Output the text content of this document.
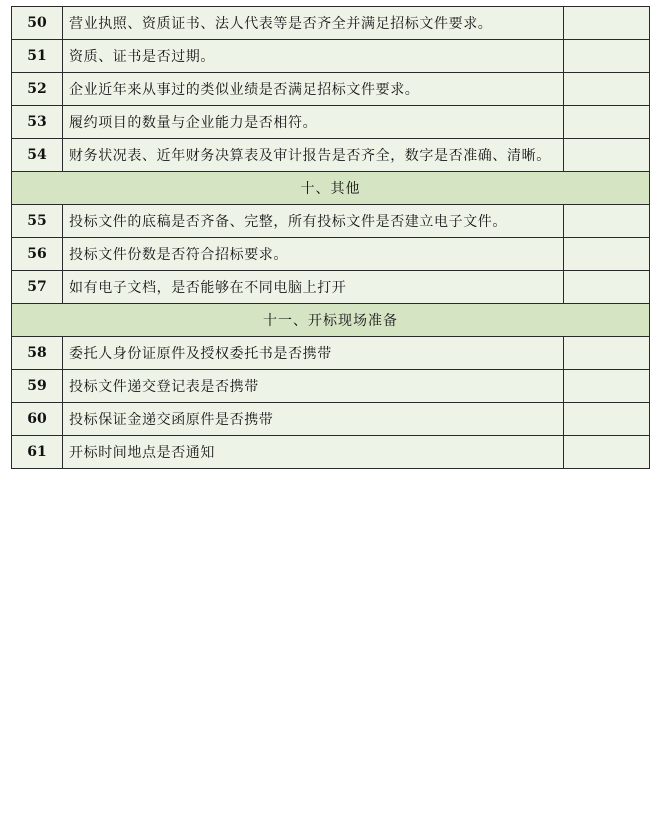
50	营业执照、资质证书、法人代表等是否齐全并满足招标文件要求。	
51	资质、证书是否过期。	
52	企业近年来从事过的类似业绩是否满足招标文件要求。	
53	履约项目的数量与企业能力是否相符。	
54	财务状况表、近年财务决算表及审计报告是否齐全，数字是否准确、清晰。	
十、其他		
55	投标文件的底稿是否齐备、完整，所有投标文件是否建立电子文件。	
56	投标文件份数是否符合招标要求。	
57	如有电子文档，是否能够在不同电脑上打开	
十一、开标现场准备		
58	委托人身份证原件及授权委托书是否携带	
59	投标文件递交登记表是否携带	
60	投标保证金递交函原件是否携带	
61	开标时间地点是否通知	
